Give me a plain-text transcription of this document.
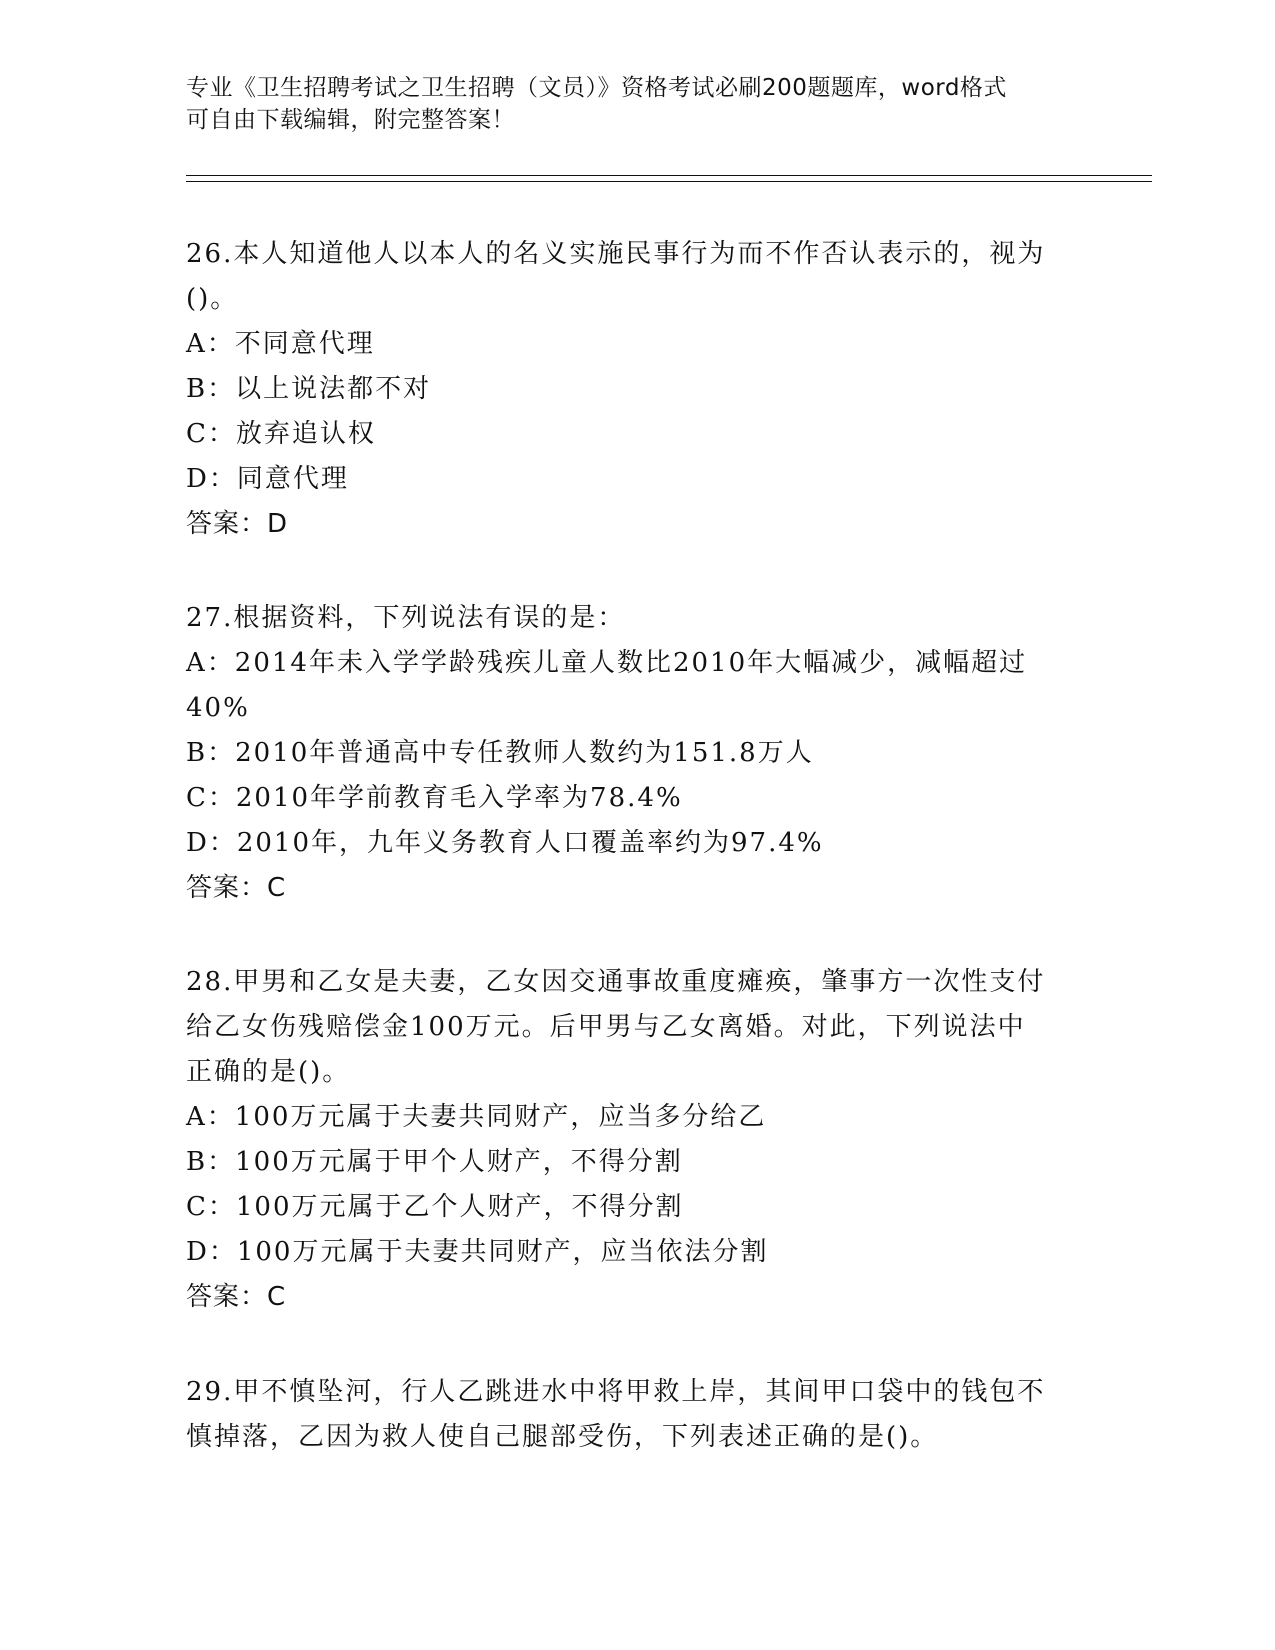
专业《卫生招聘考试之卫生招聘（文员）》资格考试必刷200题题库，word格式
可自由下载编辑，附完整答案！
26.本人知道他人以本人的名义实施民事行为而不作否认表示的，视为
()。
A：不同意代理
B：以上说法都不对
C：放弃追认权
D：同意代理
答案：D
27.根据资料，下列说法有误的是：
A：2014年未入学学龄残疾儿童人数比2010年大幅减少，减幅超过
40%
B：2010年普通高中专任教师人数约为151.8万人
C：2010年学前教育毛入学率为78.4%
D：2010年，九年义务教育人口覆盖率约为97.4%
答案：C
28.甲男和乙女是夫妻，乙女因交通事故重度瘫痪，肇事方一次性支付
给乙女伤残赔偿金100万元。后甲男与乙女离婚。对此，下列说法中
正确的是()。
A：100万元属于夫妻共同财产，应当多分给乙
B：100万元属于甲个人财产，不得分割
C：100万元属于乙个人财产，不得分割
D：100万元属于夫妻共同财产，应当依法分割
答案：C
29.甲不慎坠河，行人乙跳进水中将甲救上岸，其间甲口袋中的钱包不
慎掉落，乙因为救人使自己腿部受伤，下列表述正确的是()。
